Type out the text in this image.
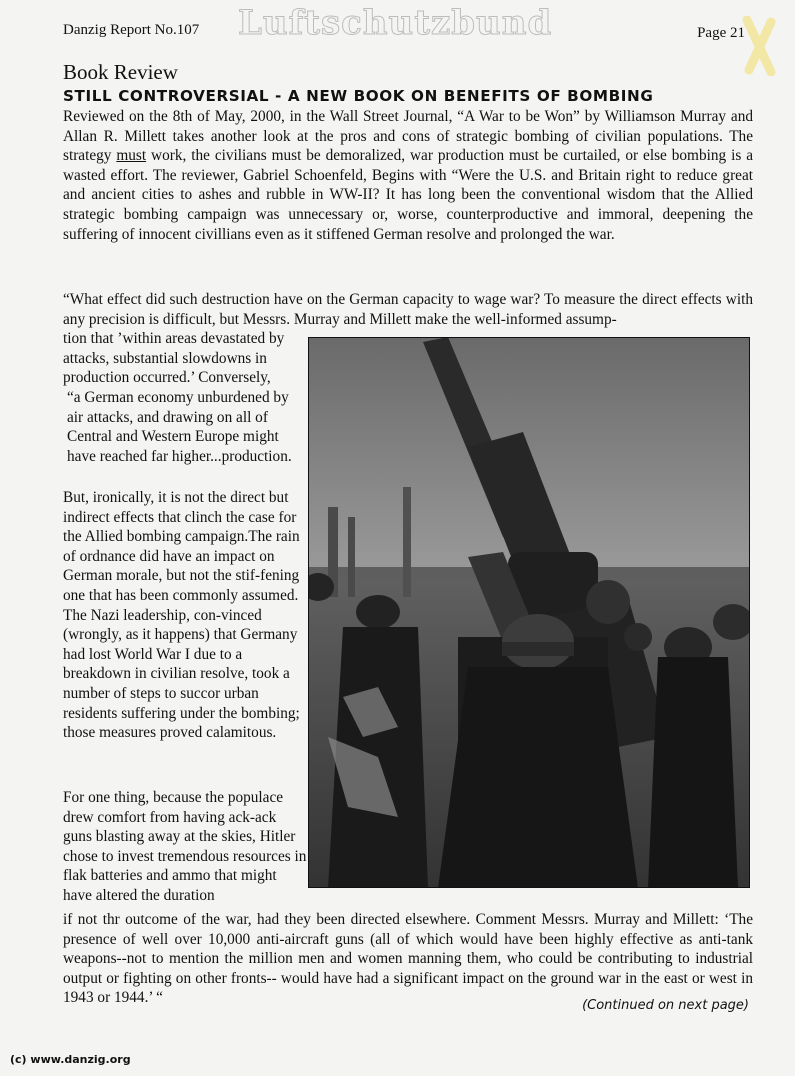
Danzig Report No.107 Luftschutzbund	Page 21
Book Review
STILL CONTROVERSIAL - A NEW BOOK ON BENEFITS OF BOMBING
Reviewed on the 8th of May, 2000, in the Wall Street Journal, “A War to be Won” by Williamson Murray and Allan R. Millett takes another look at the pros and cons of strategic bombing of civilian populations. The strategy must work, the civilians must be demoralized, war production must be curtailed, or else bombing is a wasted effort. The reviewer, Gabriel Schoenfeld, Begins with “Were the U.S. and Britain right to reduce great and ancient cities to ashes and rubble in WW-II? It has long been the conventional wisdom that the Allied strategic bombing campaign was unnecessary or, worse, counterproductive and immoral, deepening the suffering of innocent civillians even as it stiffened German resolve and prolonged the war.
“What effect did such destruction have on the German capacity to wage war? To measure the direct effects with any precision is difficult, but Messrs. Murray and Millett make the well-informed assump-
tion that ’within areas devastated by attacks, substantial slowdowns in production occurred.’ Conversely,
“a German economy unburdened by air attacks, and drawing on all of Central and Western Europe might have reached far higher...production.
But, ironically, it is not the direct but indirect effects that clinch the case for the Allied bombing campaign.The rain of ordnance did have an impact on German morale, but not the stif-fening one that has been commonly assumed. The Nazi leadership, con-vinced (wrongly, as it happens) that Germany had lost World War I due to a breakdown in civilian resolve, took a number of steps to succor urban residents suffering under the bombing; those measures proved calamitous.
For one thing, because the populace drew comfort from having ack-ack guns blasting away at the skies, Hitler chose to invest tremendous resources in flak batteries and ammo that might have altered the duration
if not thr outcome of the war, had they been directed elsewhere. Comment Messrs. Murray and Millett: ‘The presence of well over 10,000 anti-aircraft guns (all of which would have been highly effective as anti-tank weapons--not to mention the million men and women manning them, who could be contributing to industrial output or fighting on other fronts-- would have had a significant impact on the ground war in the east or west in 1943 or 1944.’ “	(Continued on next page)
(c) www.danzig.org
